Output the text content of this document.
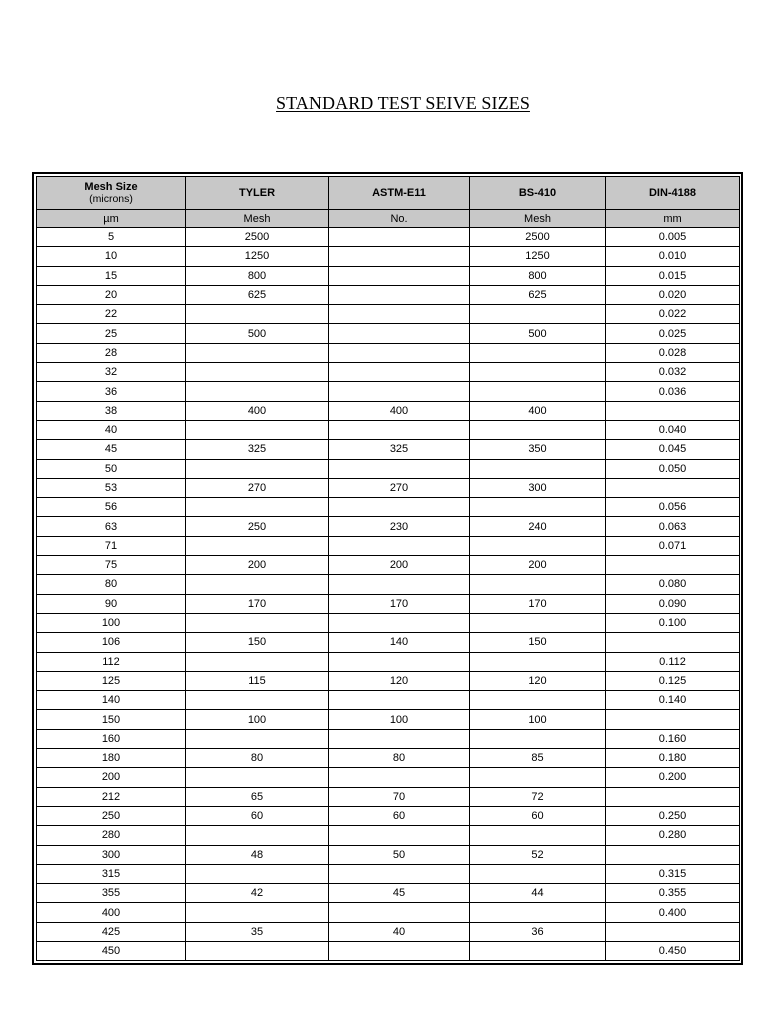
STANDARD TEST SEIVE SIZES
Mesh Size
(microns)	TYLER	ASTM-E11	BS-410	DIN-4188
µm	Mesh	No.	Mesh	mm
5	2500		2500	0.005
10	1250		1250	0.010
15	800		800	0.015
20	625		625	0.020
22				0.022
25	500		500	0.025
28				0.028
32				0.032
36				0.036
38	400	400	400	
40				0.040
45	325	325	350	0.045
50				0.050
53	270	270	300	
56				0.056
63	250	230	240	0.063
71				0.071
75	200	200	200	
80				0.080
90	170	170	170	0.090
100				0.100
106	150	140	150	
112				0.112
125	115	120	120	0.125
140				0.140
150	100	100	100	
160				0.160
180	80	80	85	0.180
200				0.200
212	65	70	72	
250	60	60	60	0.250
280				0.280
300	48	50	52	
315				0.315
355	42	45	44	0.355
400				0.400
425	35	40	36	
450				0.450
